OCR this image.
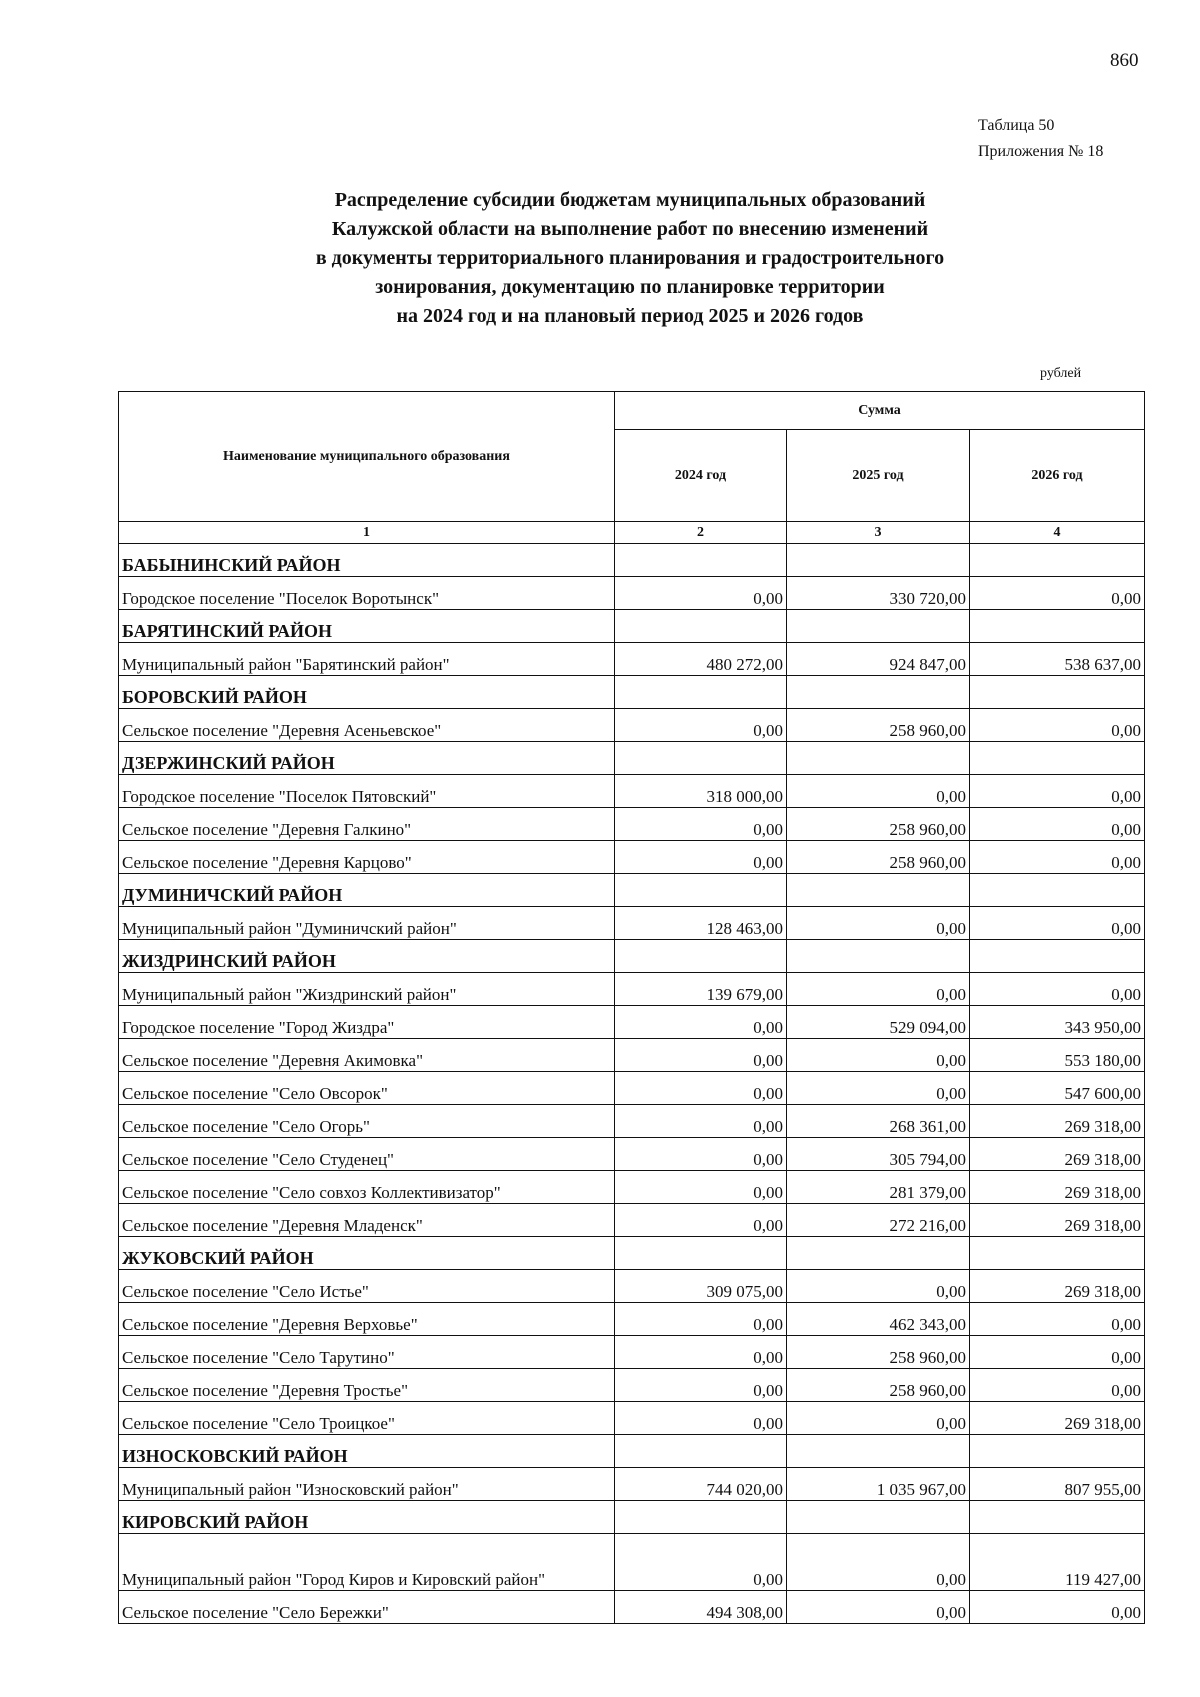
860
Таблица 50
Приложения № 18
Распределение субсидии бюджетам муниципальных образований
Калужской области на выполнение работ по внесению изменений
в документы территориального планирования и градостроительного
зонирования, документацию по планировке территории
на 2024 год и на плановый период 2025 и 2026 годов
рублей
Наименование муниципального образования	Сумма		
	2024 год	2025 год	2026 год
1	2	3	4
БАБЫНИНСКИЙ РАЙОН			
Городское поселение "Поселок Воротынск"	0,00	330 720,00	0,00
БАРЯТИНСКИЙ РАЙОН			
Муниципальный район "Барятинский район"	480 272,00	924 847,00	538 637,00
БОРОВСКИЙ РАЙОН			
Сельское поселение "Деревня Асеньевское"	0,00	258 960,00	0,00
ДЗЕРЖИНСКИЙ РАЙОН			
Городское поселение "Поселок Пятовский"	318 000,00	0,00	0,00
Сельское поселение "Деревня Галкино"	0,00	258 960,00	0,00
Сельское поселение "Деревня Карцово"	0,00	258 960,00	0,00
ДУМИНИЧСКИЙ РАЙОН			
Муниципальный район "Думиничский район"	128 463,00	0,00	0,00
ЖИЗДРИНСКИЙ РАЙОН			
Муниципальный район "Жиздринский район"	139 679,00	0,00	0,00
Городское поселение "Город Жиздра"	0,00	529 094,00	343 950,00
Сельское поселение "Деревня Акимовка"	0,00	0,00	553 180,00
Сельское поселение "Село Овсорок"	0,00	0,00	547 600,00
Сельское поселение "Село Огорь"	0,00	268 361,00	269 318,00
Сельское поселение "Село Студенец"	0,00	305 794,00	269 318,00
Сельское поселение "Село совхоз Коллективизатор"	0,00	281 379,00	269 318,00
Сельское поселение "Деревня Младенск"	0,00	272 216,00	269 318,00
ЖУКОВСКИЙ РАЙОН			
Сельское поселение "Село Истье"	309 075,00	0,00	269 318,00
Сельское поселение "Деревня Верховье"	0,00	462 343,00	0,00
Сельское поселение "Село Тарутино"	0,00	258 960,00	0,00
Сельское поселение "Деревня Тростье"	0,00	258 960,00	0,00
Сельское поселение "Село Троицкое"	0,00	0,00	269 318,00
ИЗНОСКОВСКИЙ РАЙОН			
Муниципальный район "Износковский район"	744 020,00	1 035 967,00	807 955,00
КИРОВСКИЙ РАЙОН			
Муниципальный район "Город Киров и Кировский район"	0,00	0,00	119 427,00
Сельское поселение "Село Бережки"	494 308,00	0,00	0,00
